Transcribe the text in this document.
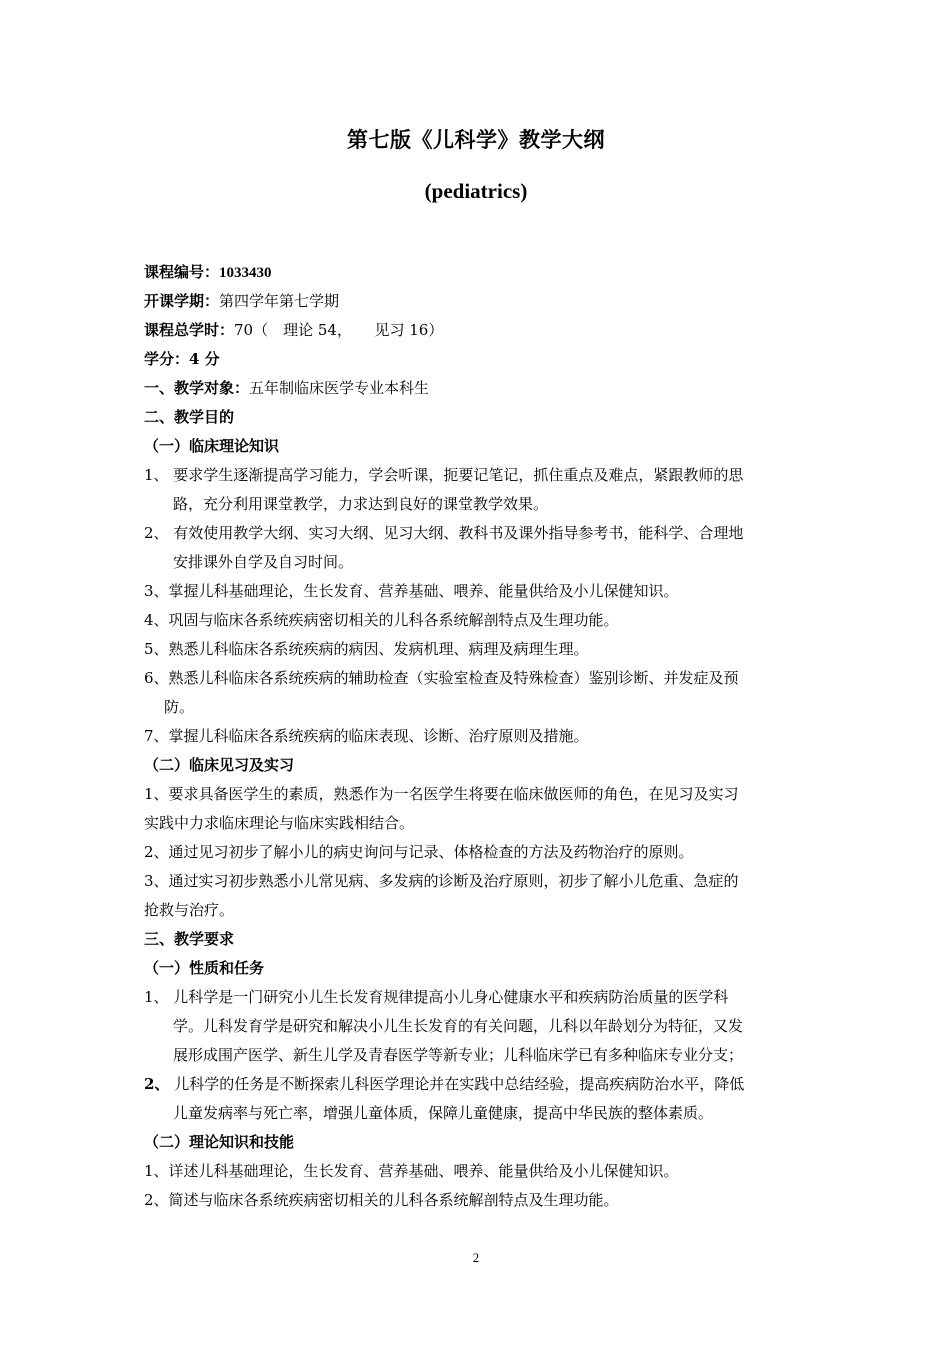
第七版《儿科学》教学大纲
(pediatrics)
课程编号：1033430
开课学期：第四学年第七学期
课程总学时：70（　理论 54，　　见习 16）
学分：4 分
一、教学对象：五年制临床医学专业本科生
二、教学目的
（一）临床理论知识
1、 要求学生逐渐提高学习能力，学会听课，扼要记笔记，抓住重点及难点，紧跟教师的思
路，充分利用课堂教学，力求达到良好的课堂教学效果。
2、 有效使用教学大纲、实习大纲、见习大纲、教科书及课外指导参考书，能科学、合理地
安排课外自学及自习时间。
3、掌握儿科基础理论，生长发育、营养基础、喂养、能量供给及小儿保健知识。
4、巩固与临床各系统疾病密切相关的儿科各系统解剖特点及生理功能。
5、熟悉儿科临床各系统疾病的病因、发病机理、病理及病理生理。
6、熟悉儿科临床各系统疾病的辅助检查（实验室检查及特殊检查）鉴别诊断、并发症及预
防。
7、掌握儿科临床各系统疾病的临床表现、诊断、治疗原则及措施。
（二）临床见习及实习
1、要求具备医学生的素质，熟悉作为一名医学生将要在临床做医师的角色，在见习及实习
实践中力求临床理论与临床实践相结合。
2、通过见习初步了解小儿的病史询问与记录、体格检查的方法及药物治疗的原则。
3、通过实习初步熟悉小儿常见病、多发病的诊断及治疗原则，初步了解小儿危重、急症的
抢救与治疗。
三、教学要求
（一）性质和任务
1、 儿科学是一门研究小儿生长发育规律提高小儿身心健康水平和疾病防治质量的医学科
学。儿科发育学是研究和解决小儿生长发育的有关问题，儿科以年龄划分为特征，又发
展形成围产医学、新生儿学及青春医学等新专业；儿科临床学已有多种临床专业分支；
2、 儿科学的任务是不断探索儿科医学理论并在实践中总结经验，提高疾病防治水平，降低
儿童发病率与死亡率，增强儿童体质，保障儿童健康，提高中华民族的整体素质。
（二）理论知识和技能
1、详述儿科基础理论，生长发育、营养基础、喂养、能量供给及小儿保健知识。
2、简述与临床各系统疾病密切相关的儿科各系统解剖特点及生理功能。
2
